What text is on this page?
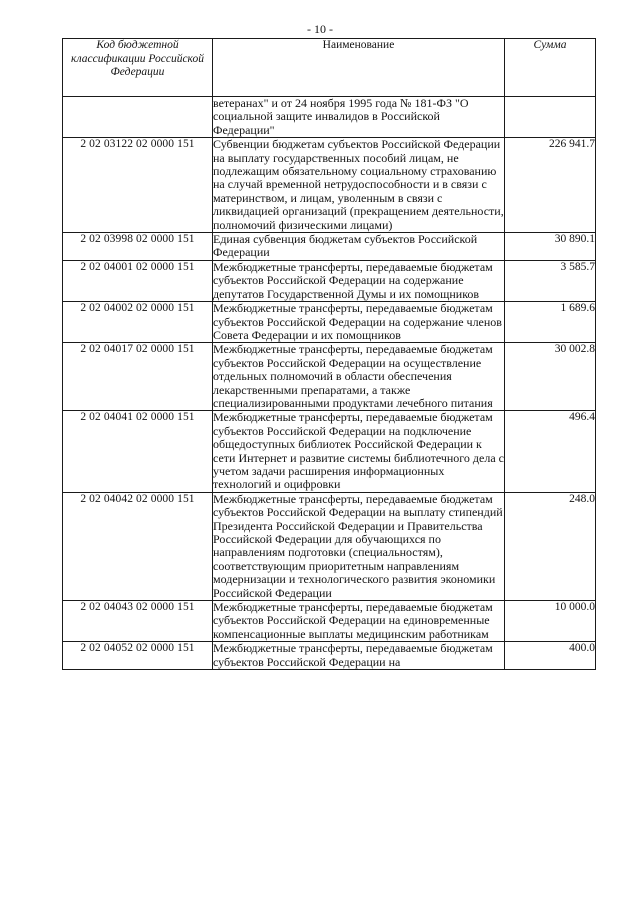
- 10 -
Код бюджетной классификации Российской Федерации	Наименование	Сумма
	ветеранах" и от 24 ноября 1995 года № 181-ФЗ "О социальной защите инвалидов в Российской Федерации"	
2 02 03122 02 0000 151	Субвенции бюджетам субъектов Российской Федерации на выплату государственных пособий лицам, не подлежащим обязательному социальному страхованию на случай временной нетрудоспособности и в связи с материнством, и лицам, уволенным в связи с ликвидацией организаций (прекращением деятельности, полномочий физическими лицами)	226 941.7
2 02 03998 02 0000 151	Единая субвенция бюджетам субъектов Российской Федерации	30 890.1
2 02 04001 02 0000 151	Межбюджетные трансферты, передаваемые бюджетам субъектов Российской Федерации на содержание депутатов Государственной Думы и их помощников	3 585.7
2 02 04002 02 0000 151	Межбюджетные трансферты, передаваемые бюджетам субъектов Российской Федерации на содержание членов Совета Федерации и их помощников	1 689.6
2 02 04017 02 0000 151	Межбюджетные трансферты, передаваемые бюджетам субъектов Российской Федерации на осуществление отдельных полномочий в области обеспечения лекарственными препаратами, а также специализированными продуктами лечебного питания	30 002.8
2 02 04041 02 0000 151	Межбюджетные трансферты, передаваемые бюджетам субъектов Российской Федерации на подключение общедоступных библиотек Российской Федерации к сети Интернет и развитие системы библиотечного дела с учетом задачи расширения информационных технологий и оцифровки	496.4
2 02 04042 02 0000 151	Межбюджетные трансферты, передаваемые бюджетам субъектов Российской Федерации на выплату стипендий Президента Российской Федерации и Правительства Российской Федерации для обучающихся по направлениям подготовки (специальностям), соответствующим приоритетным направлениям модернизации и технологического развития экономики Российской Федерации	248.0
2 02 04043 02 0000 151	Межбюджетные трансферты, передаваемые бюджетам субъектов Российской Федерации на единовременные компенсационные выплаты медицинским работникам	10 000.0
2 02 04052 02 0000 151	Межбюджетные трансферты, передаваемые бюджетам субъектов Российской Федерации на	400.0
